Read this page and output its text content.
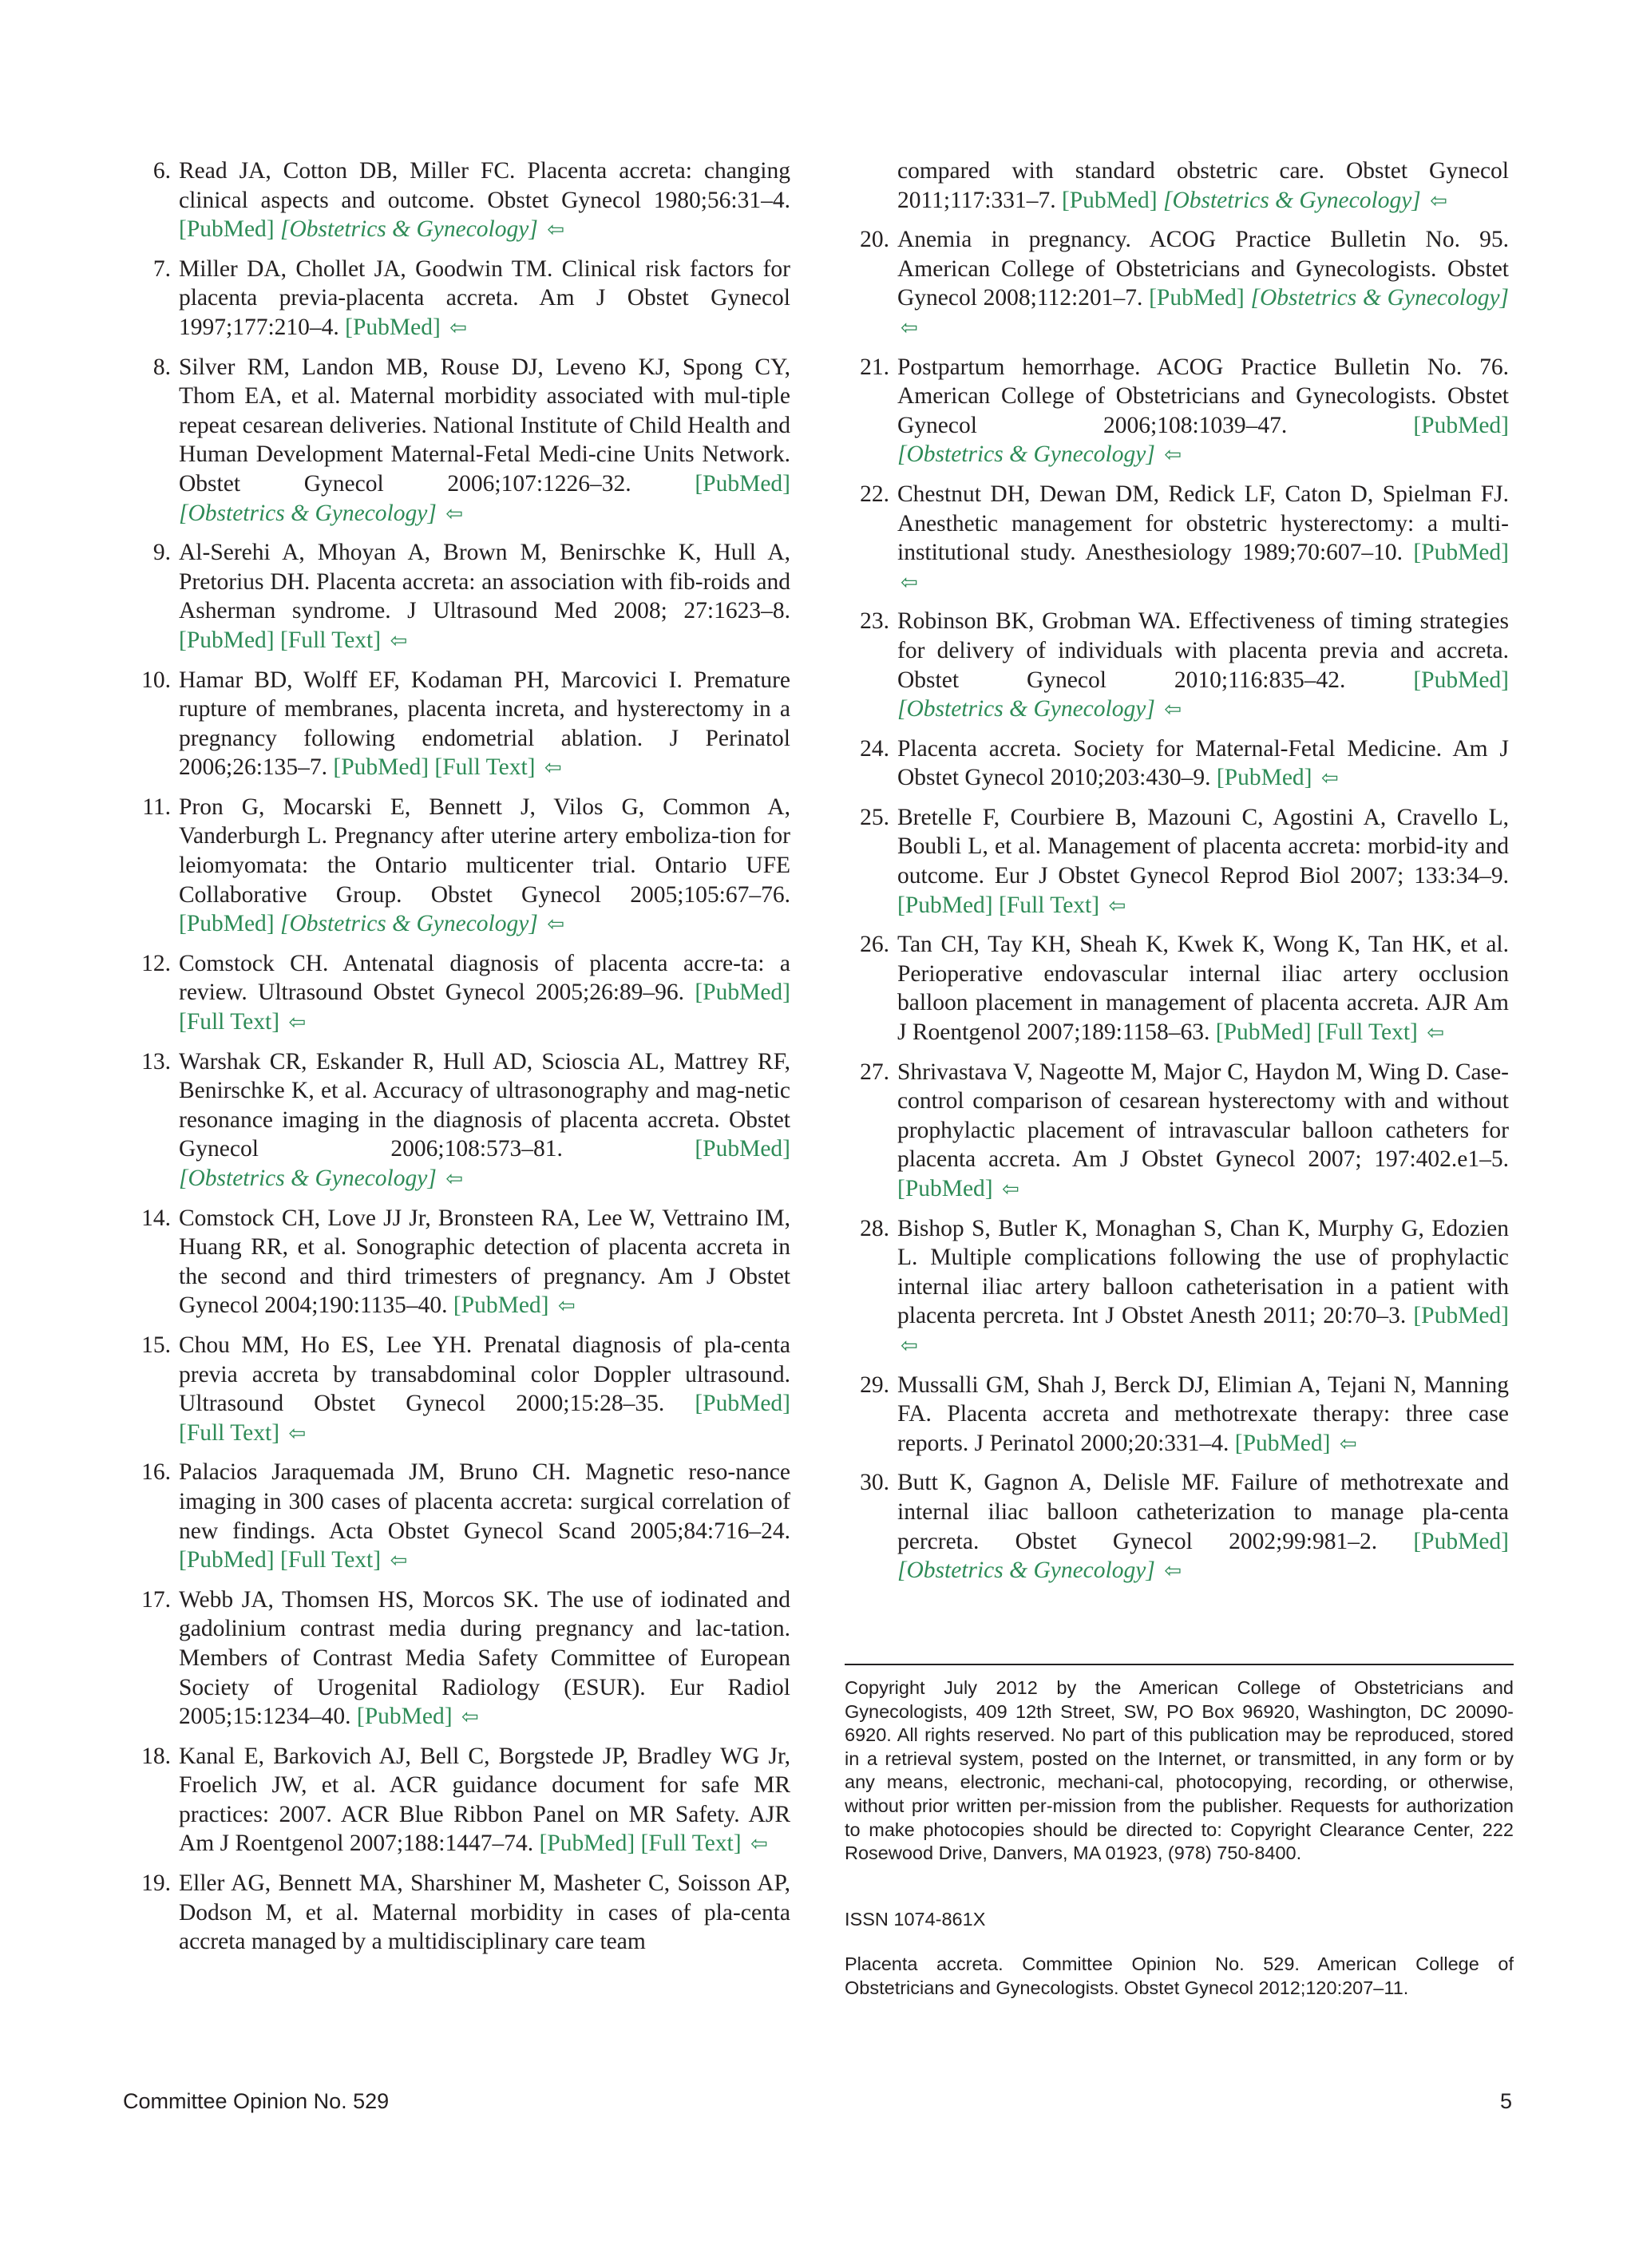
6. Read JA, Cotton DB, Miller FC. Placenta accreta: changing clinical aspects and outcome. Obstet Gynecol 1980;56:31–4. [PubMed] [Obstetrics & Gynecology] ⇦
7. Miller DA, Chollet JA, Goodwin TM. Clinical risk factors for placenta previa-placenta accreta. Am J Obstet Gynecol 1997;177:210–4. [PubMed] ⇦
8. Silver RM, Landon MB, Rouse DJ, Leveno KJ, Spong CY, Thom EA, et al. Maternal morbidity associated with mul-tiple repeat cesarean deliveries. National Institute of Child Health and Human Development Maternal-Fetal Medi-cine Units Network. Obstet Gynecol 2006;107:1226–32.	[PubMed] [Obstetrics & Gynecology] ⇦
9. Al-Serehi A, Mhoyan A, Brown M, Benirschke K, Hull A, Pretorius DH. Placenta accreta: an association with fib-roids and Asherman syndrome. J Ultrasound Med 2008; 27:1623–8. [PubMed] [Full Text] ⇦
10. Hamar BD, Wolff EF, Kodaman PH, Marcovici I. Premature rupture of membranes, placenta increta, and hysterectomy in a pregnancy following endometrial ablation. J Perinatol 2006;26:135–7. [PubMed] [Full Text] ⇦
11. Pron G, Mocarski E, Bennett J, Vilos G, Common A, Vanderburgh L. Pregnancy after uterine artery emboliza-tion for leiomyomata: the Ontario multicenter trial. Ontario UFE Collaborative Group. Obstet Gynecol 2005;105:67–76. [PubMed] [Obstetrics & Gynecology] ⇦
12. Comstock CH. Antenatal diagnosis of placenta accre-ta: a review. Ultrasound Obstet Gynecol 2005;26:89–96. [PubMed] [Full Text] ⇦
13. Warshak CR, Eskander R, Hull AD, Scioscia AL, Mattrey RF, Benirschke K, et al. Accuracy of ultrasonography and mag-netic resonance imaging in the diagnosis of placenta accreta. Obstet Gynecol 2006;108:573–81.	[PubMed] [Obstetrics & Gynecology] ⇦
14. Comstock CH, Love JJ Jr, Bronsteen RA, Lee W, Vettraino IM, Huang RR, et al. Sonographic detection of placenta accreta in the second and third trimesters of pregnancy. Am J Obstet Gynecol 2004;190:1135–40. [PubMed] ⇦
15. Chou MM, Ho ES, Lee YH. Prenatal diagnosis of pla-centa previa accreta by transabdominal color Doppler ultrasound. Ultrasound Obstet Gynecol 2000;15:28–35. [PubMed] [Full Text] ⇦
16. Palacios Jaraquemada JM, Bruno CH. Magnetic reso-nance imaging in 300 cases of placenta accreta: surgical correlation of new findings. Acta Obstet Gynecol Scand 2005;84:716–24. [PubMed] [Full Text] ⇦
17. Webb JA, Thomsen HS, Morcos SK. The use of iodinated and gadolinium contrast media during pregnancy and lac-tation. Members of Contrast Media Safety Committee of European Society of Urogenital Radiology (ESUR). Eur Radiol 2005;15:1234–40. [PubMed] ⇦
18. Kanal E, Barkovich AJ, Bell C, Borgstede JP, Bradley WG Jr, Froelich JW, et al. ACR guidance document for safe MR practices: 2007. ACR Blue Ribbon Panel on MR Safety. AJR Am J Roentgenol 2007;188:1447–74. [PubMed] [Full Text] ⇦
19. Eller AG, Bennett MA, Sharshiner M, Masheter C, Soisson AP, Dodson M, et al. Maternal morbidity in cases of pla-centa accreta managed by a multidisciplinary care team
compared with standard obstetric care. Obstet Gynecol 2011;117:331–7. [PubMed] [Obstetrics & Gynecology] ⇦
20. Anemia in pregnancy. ACOG Practice Bulletin No. 95. American College of Obstetricians and Gynecologists. Obstet Gynecol 2008;112:201–7. [PubMed] [Obstetrics & Gynecology] ⇦
21. Postpartum hemorrhage. ACOG Practice Bulletin No. 76. American College of Obstetricians and Gynecologists. Obstet Gynecol 2006;108:1039–47.	[PubMed] [Obstetrics & Gynecology] ⇦
22. Chestnut DH, Dewan DM, Redick LF, Caton D, Spielman FJ. Anesthetic management for obstetric hysterectomy: a multi-institutional study. Anesthesiology 1989;70:607–10. [PubMed] ⇦
23. Robinson BK, Grobman WA. Effectiveness of timing strategies for delivery of individuals with placenta previa and accreta. Obstet Gynecol 2010;116:835–42.	[PubMed] [Obstetrics & Gynecology] ⇦
24. Placenta accreta. Society for Maternal-Fetal Medicine. Am J Obstet Gynecol 2010;203:430–9. [PubMed] ⇦
25. Bretelle F, Courbiere B, Mazouni C, Agostini A, Cravello L, Boubli L, et al. Management of placenta accreta: morbid-ity and outcome. Eur J Obstet Gynecol Reprod Biol 2007; 133:34–9. [PubMed] [Full Text] ⇦
26. Tan CH, Tay KH, Sheah K, Kwek K, Wong K, Tan HK, et al. Perioperative endovascular internal iliac artery occlusion balloon placement in management of placenta accreta. AJR Am J Roentgenol 2007;189:1158–63. [PubMed] [Full Text] ⇦
27. Shrivastava V, Nageotte M, Major C, Haydon M, Wing D. Case-control comparison of cesarean hysterectomy with and without prophylactic placement of intravascular balloon catheters for placenta accreta. Am J Obstet Gynecol 2007; 197:402.e1–5. [PubMed] ⇦
28. Bishop S, Butler K, Monaghan S, Chan K, Murphy G, Edozien L. Multiple complications following the use of prophylactic internal iliac artery balloon catheterisation in a patient with placenta percreta. Int J Obstet Anesth 2011; 20:70–3. [PubMed] ⇦
29. Mussalli GM, Shah J, Berck DJ, Elimian A, Tejani N, Manning FA. Placenta accreta and methotrexate therapy: three case reports. J Perinatol 2000;20:331–4. [PubMed] ⇦
30. Butt K, Gagnon A, Delisle MF. Failure of methotrexate and internal iliac balloon catheterization to manage pla-centa percreta. Obstet Gynecol 2002;99:981–2. [PubMed] [Obstetrics & Gynecology] ⇦

Copyright July 2012 by the American College of Obstetricians and Gynecologists, 409 12th Street, SW, PO Box 96920, Washington, DC 20090-6920. All rights reserved. No part of this publication may be reproduced, stored in a retrieval system, posted on the Internet, or transmitted, in any form or by any means, electronic, mechani-cal, photocopying, recording, or otherwise, without prior written per-mission from the publisher. Requests for authorization to make photocopies should be directed to: Copyright Clearance Center, 222 Rosewood Drive, Danvers, MA 01923, (978) 750-8400.

ISSN 1074-861X

Placenta accreta. Committee Opinion No. 529. American College of Obstetricians and Gynecologists. Obstet Gynecol 2012;120:207–11.

Committee Opinion No. 529	5
